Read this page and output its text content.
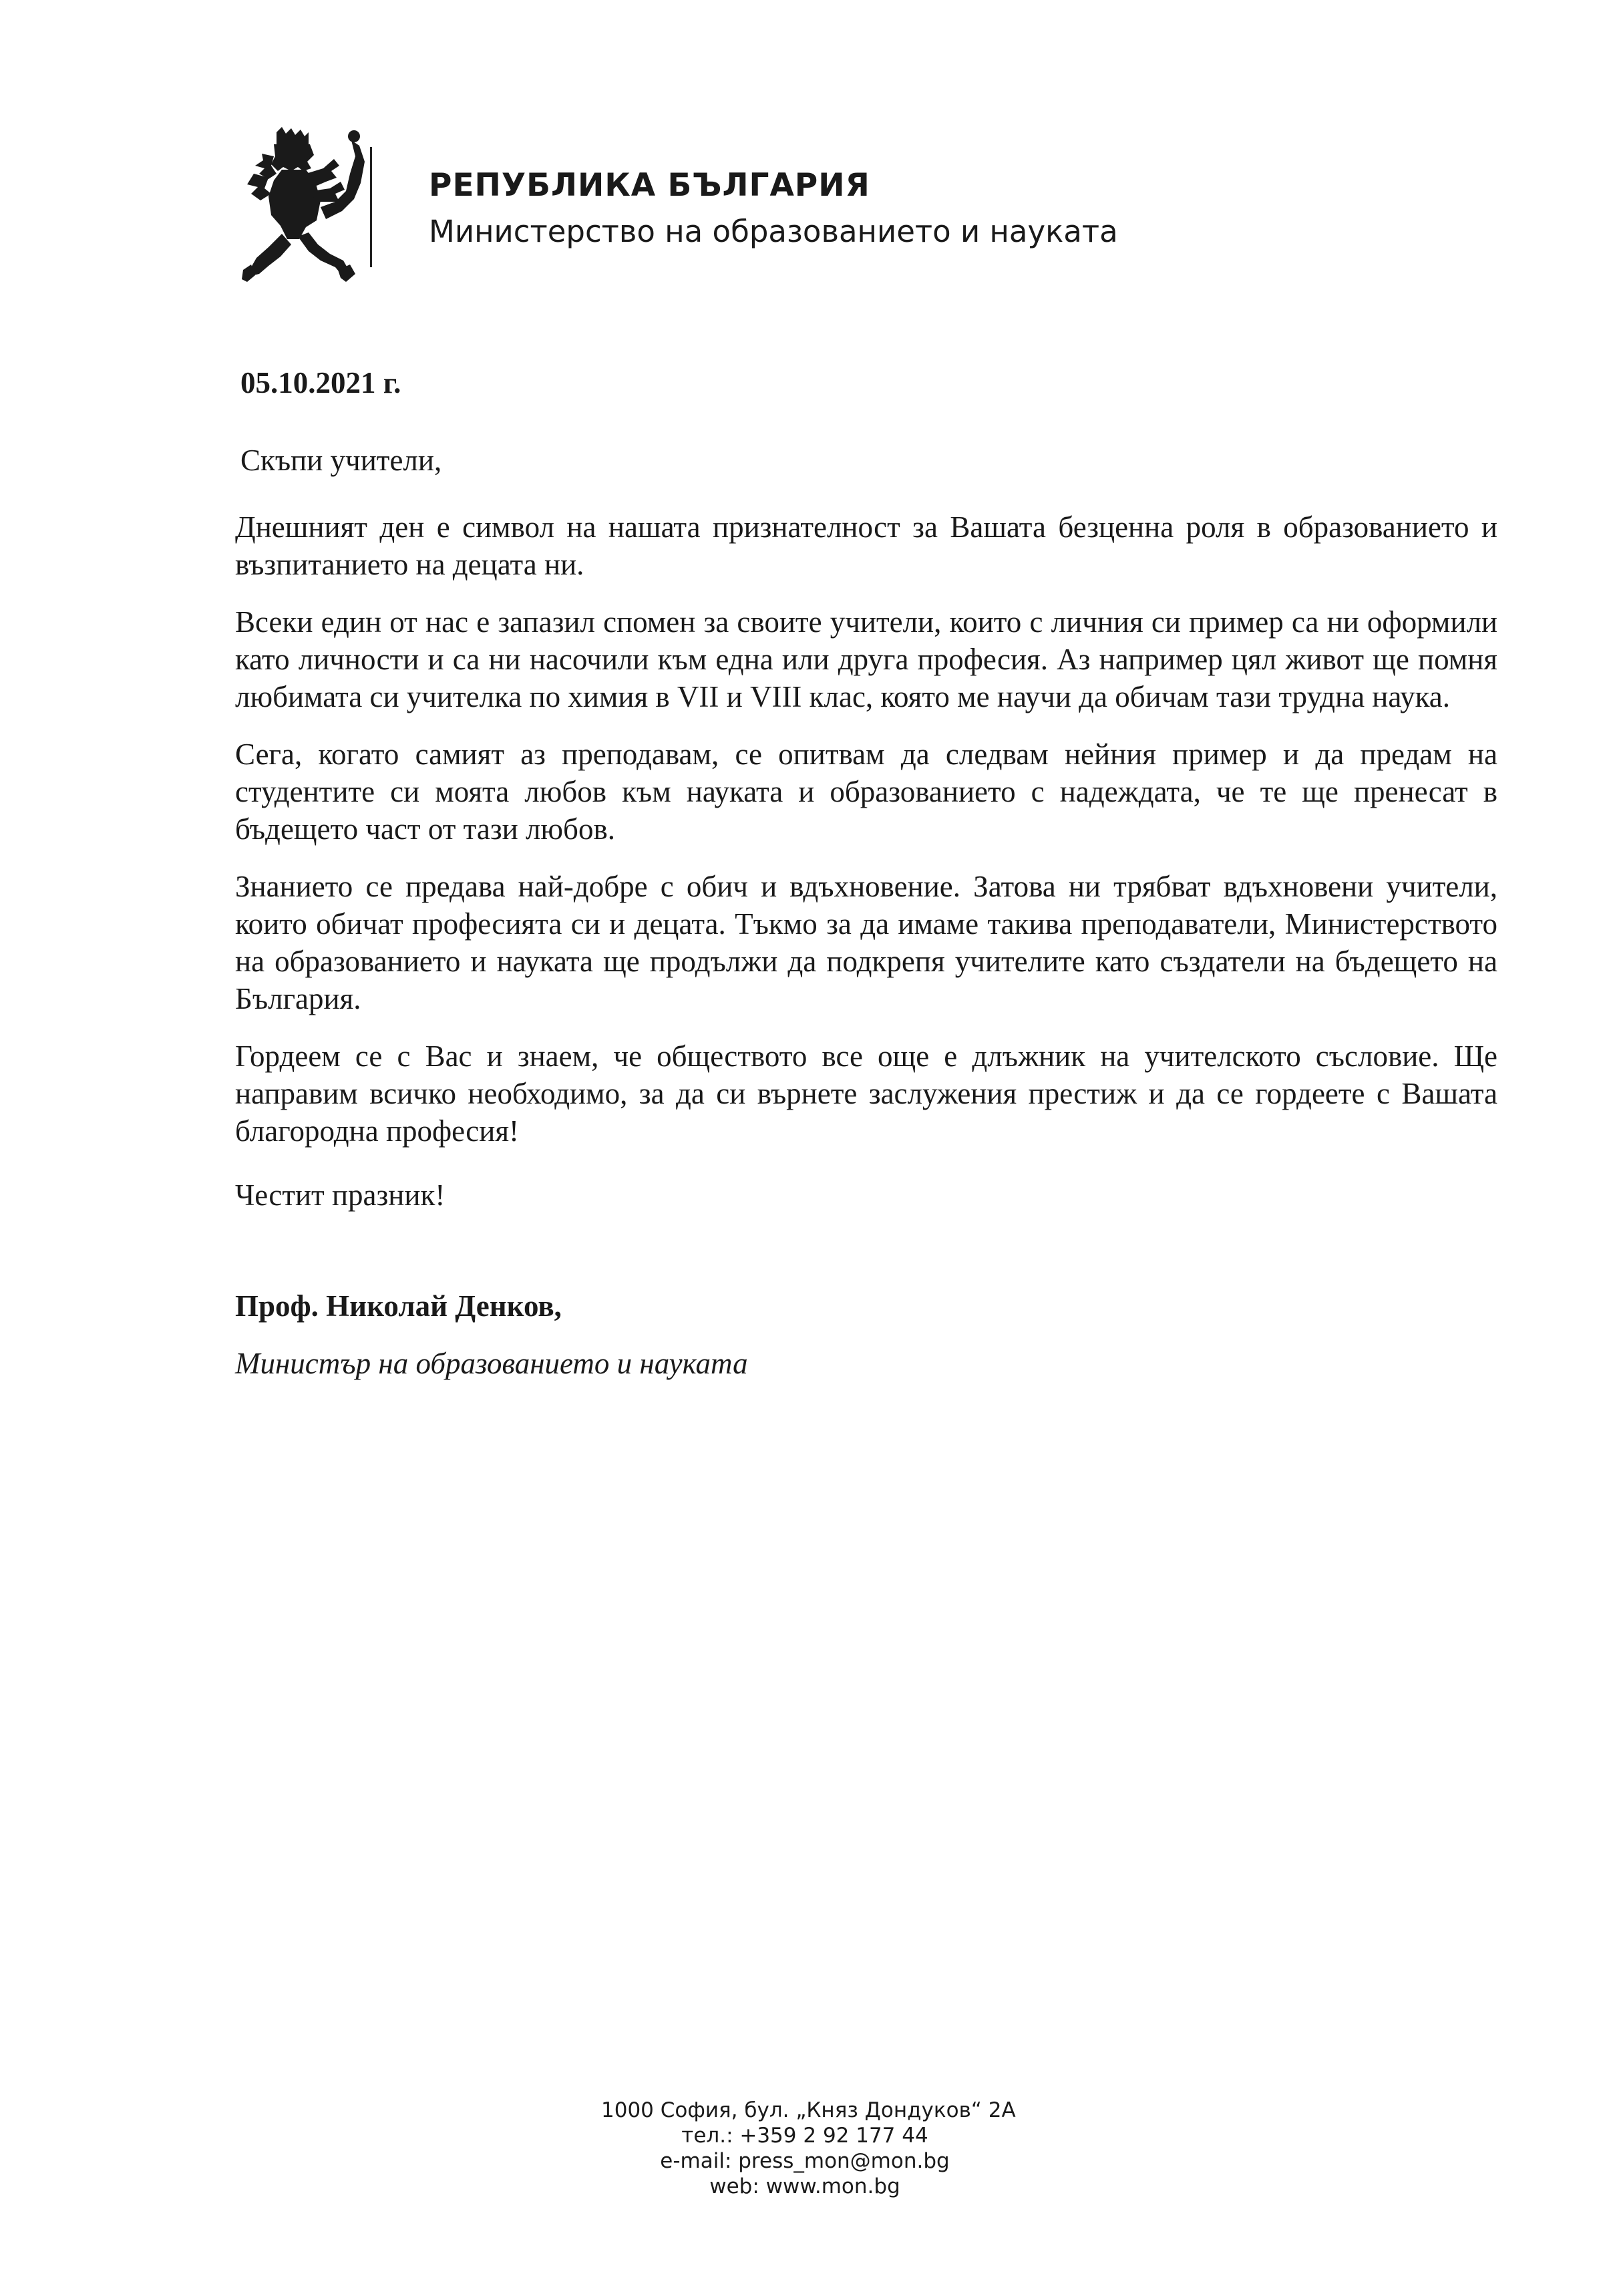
РЕПУБЛИКА БЪЛГАРИЯ
Министерство на образованието и науката
05.10.2021 г.
Скъпи учители,

Днешният ден е символ на нашата признателност за Вашата безценна роля в образованието и възпитанието на децата ни.

Всеки един от нас е запазил спомен за своите учители, които с личния си пример са ни оформили като личности и са ни насочили към една или друга професия. Аз например цял живот ще помня любимата си учителка по химия в VII и VIII клас, която ме научи да обичам тази трудна наука.

Сега, когато самият аз преподавам, се опитвам да следвам нейния пример и да предам на студентите си моята любов към науката и образованието с надеждата, че те ще пренесат в бъдещето част от тази любов.

Знанието се предава най-добре с обич и вдъхновение. Затова ни трябват вдъхновени учители, които обичат професията си и децата. Тъкмо за да имаме такива преподаватели, Министерството на образованието и науката ще продължи да подкрепя учителите като създатели на бъдещето на България.

Гордеем се с Вас и знаем, че обществото все още е длъжник на учителското съсловие. Ще направим всичко необходимо, за да си върнете заслужения престиж и да се гордеете с Вашата благородна професия!

Честит празник!
Проф. Николай Денков,
Министър на образованието и науката
1000 София, бул. „Княз Дондуков“ 2А
тел.: +359 2 92 177 44
e-mail: press_mon@mon.bg
web: www.mon.bg
